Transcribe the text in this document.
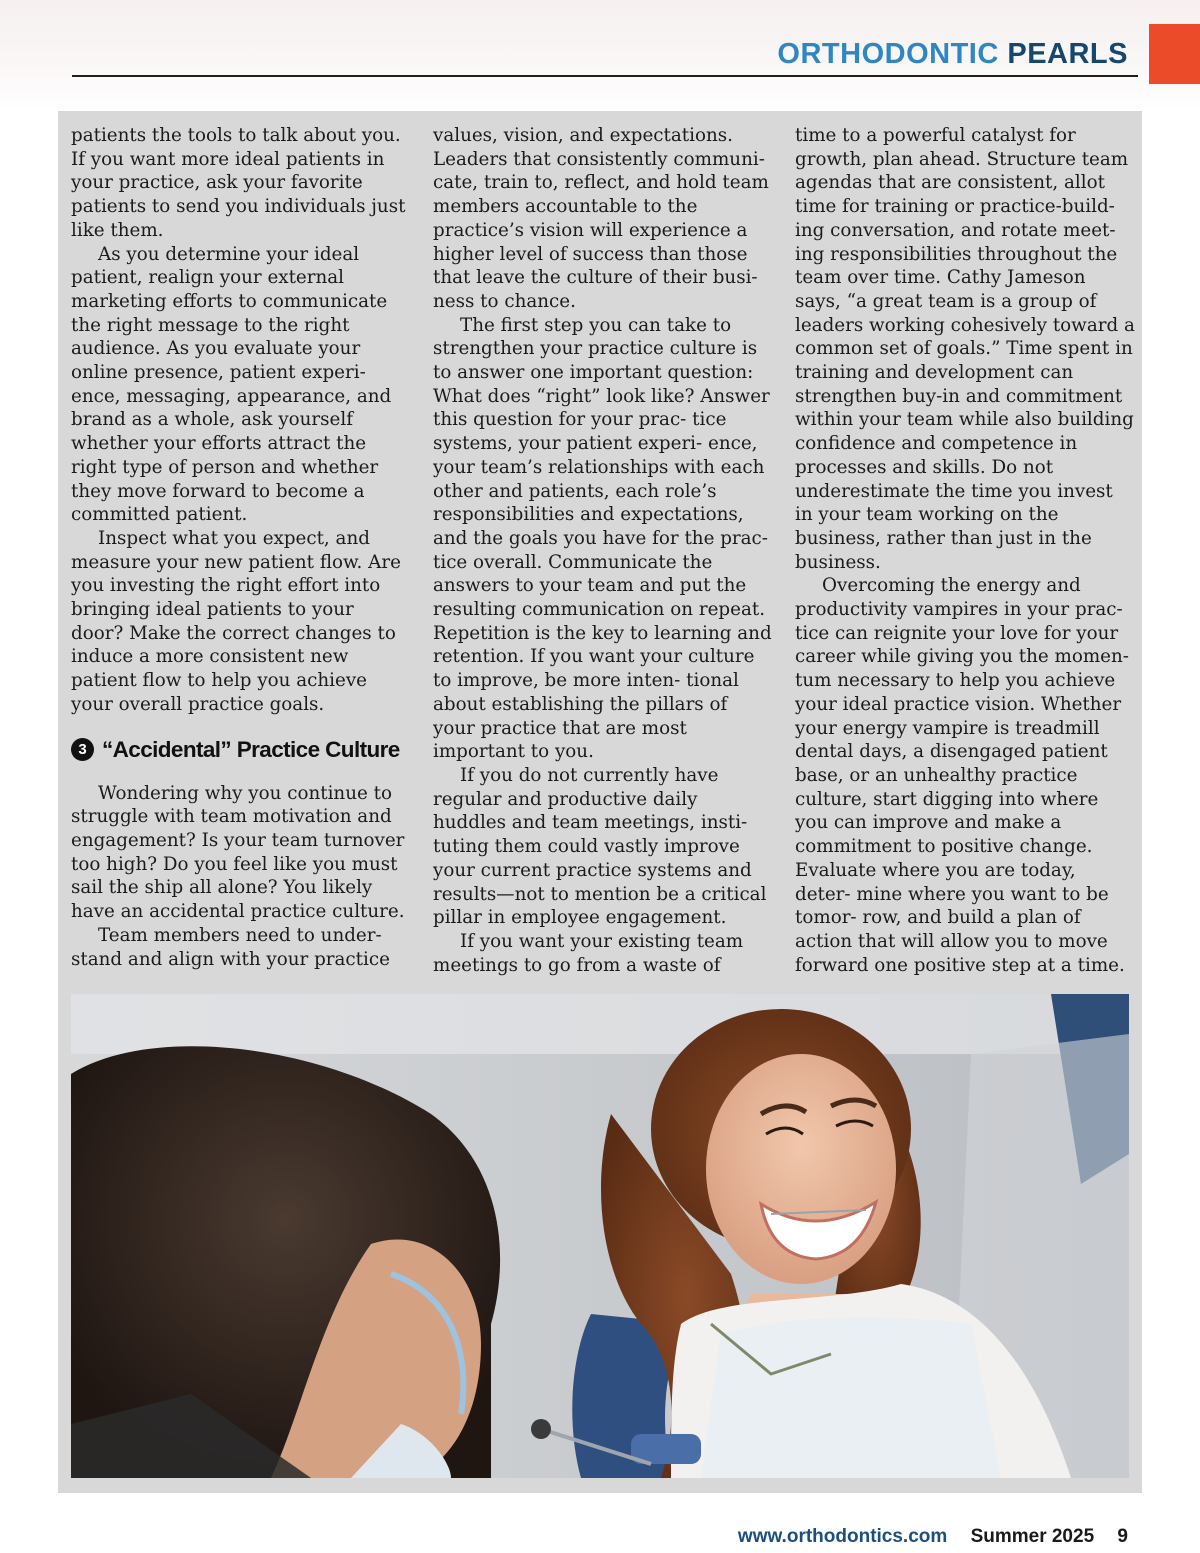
ORTHODONTIC PEARLS

patients the tools to talk about you. If you want more ideal patients in your practice, ask your favorite patients to send you individuals just like them.

As you determine your ideal patient, realign your external marketing efforts to communicate the right message to the right audience. As you evaluate your online presence, patient experi- ence, messaging, appearance, and brand as a whole, ask yourself whether your efforts attract the right type of person and whether they move forward to become a committed patient.

Inspect what you expect, and measure your new patient flow. Are you investing the right effort into bringing ideal patients to your door? Make the correct changes to induce a more consistent new patient flow to help you achieve your overall practice goals.

3 “Accidental” Practice Culture

Wondering why you continue to struggle with team motivation and engagement? Is your team turnover too high? Do you feel like you must sail the ship all alone? You likely have an accidental practice culture.

Team members need to under- stand and align with your practice

values, vision, and expectations. Leaders that consistently communi- cate, train to, reflect, and hold team members accountable to the practice’s vision will experience a higher level of success than those that leave the culture of their busi- ness to chance.

The first step you can take to strengthen your practice culture is to answer one important question: What does “right” look like? Answer this question for your prac- tice systems, your patient experi- ence, your team’s relationships with each other and patients, each role’s responsibilities and expectations, and the goals you have for the prac- tice overall. Communicate the answers to your team and put the resulting communication on repeat. Repetition is the key to learning and retention. If you want your culture to improve, be more inten- tional about establishing the pillars of your practice that are most important to you.

If you do not currently have regular and productive daily huddles and team meetings, insti- tuting them could vastly improve your current practice systems and results—not to mention be a critical pillar in employee engagement.

If you want your existing team meetings to go from a waste of

time to a powerful catalyst for growth, plan ahead. Structure team agendas that are consistent, allot time for training or practice-build- ing conversation, and rotate meet- ing responsibilities throughout the team over time. Cathy Jameson says, “a great team is a group of leaders working cohesively toward a common set of goals.” Time spent in training and development can strengthen buy-in and commitment within your team while also building confidence and competence in processes and skills. Do not underestimate the time you invest in your team working on the business, rather than just in the business.

Overcoming the energy and productivity vampires in your prac- tice can reignite your love for your career while giving you the momen- tum necessary to help you achieve your ideal practice vision. Whether your energy vampire is treadmill dental days, a disengaged patient base, or an unhealthy practice culture, start digging into where you can improve and make a commitment to positive change. Evaluate where you are today, deter- mine where you want to be tomor- row, and build a plan of action that will allow you to move forward one positive step at a time.

www.orthodontics.com Summer 2025 9
